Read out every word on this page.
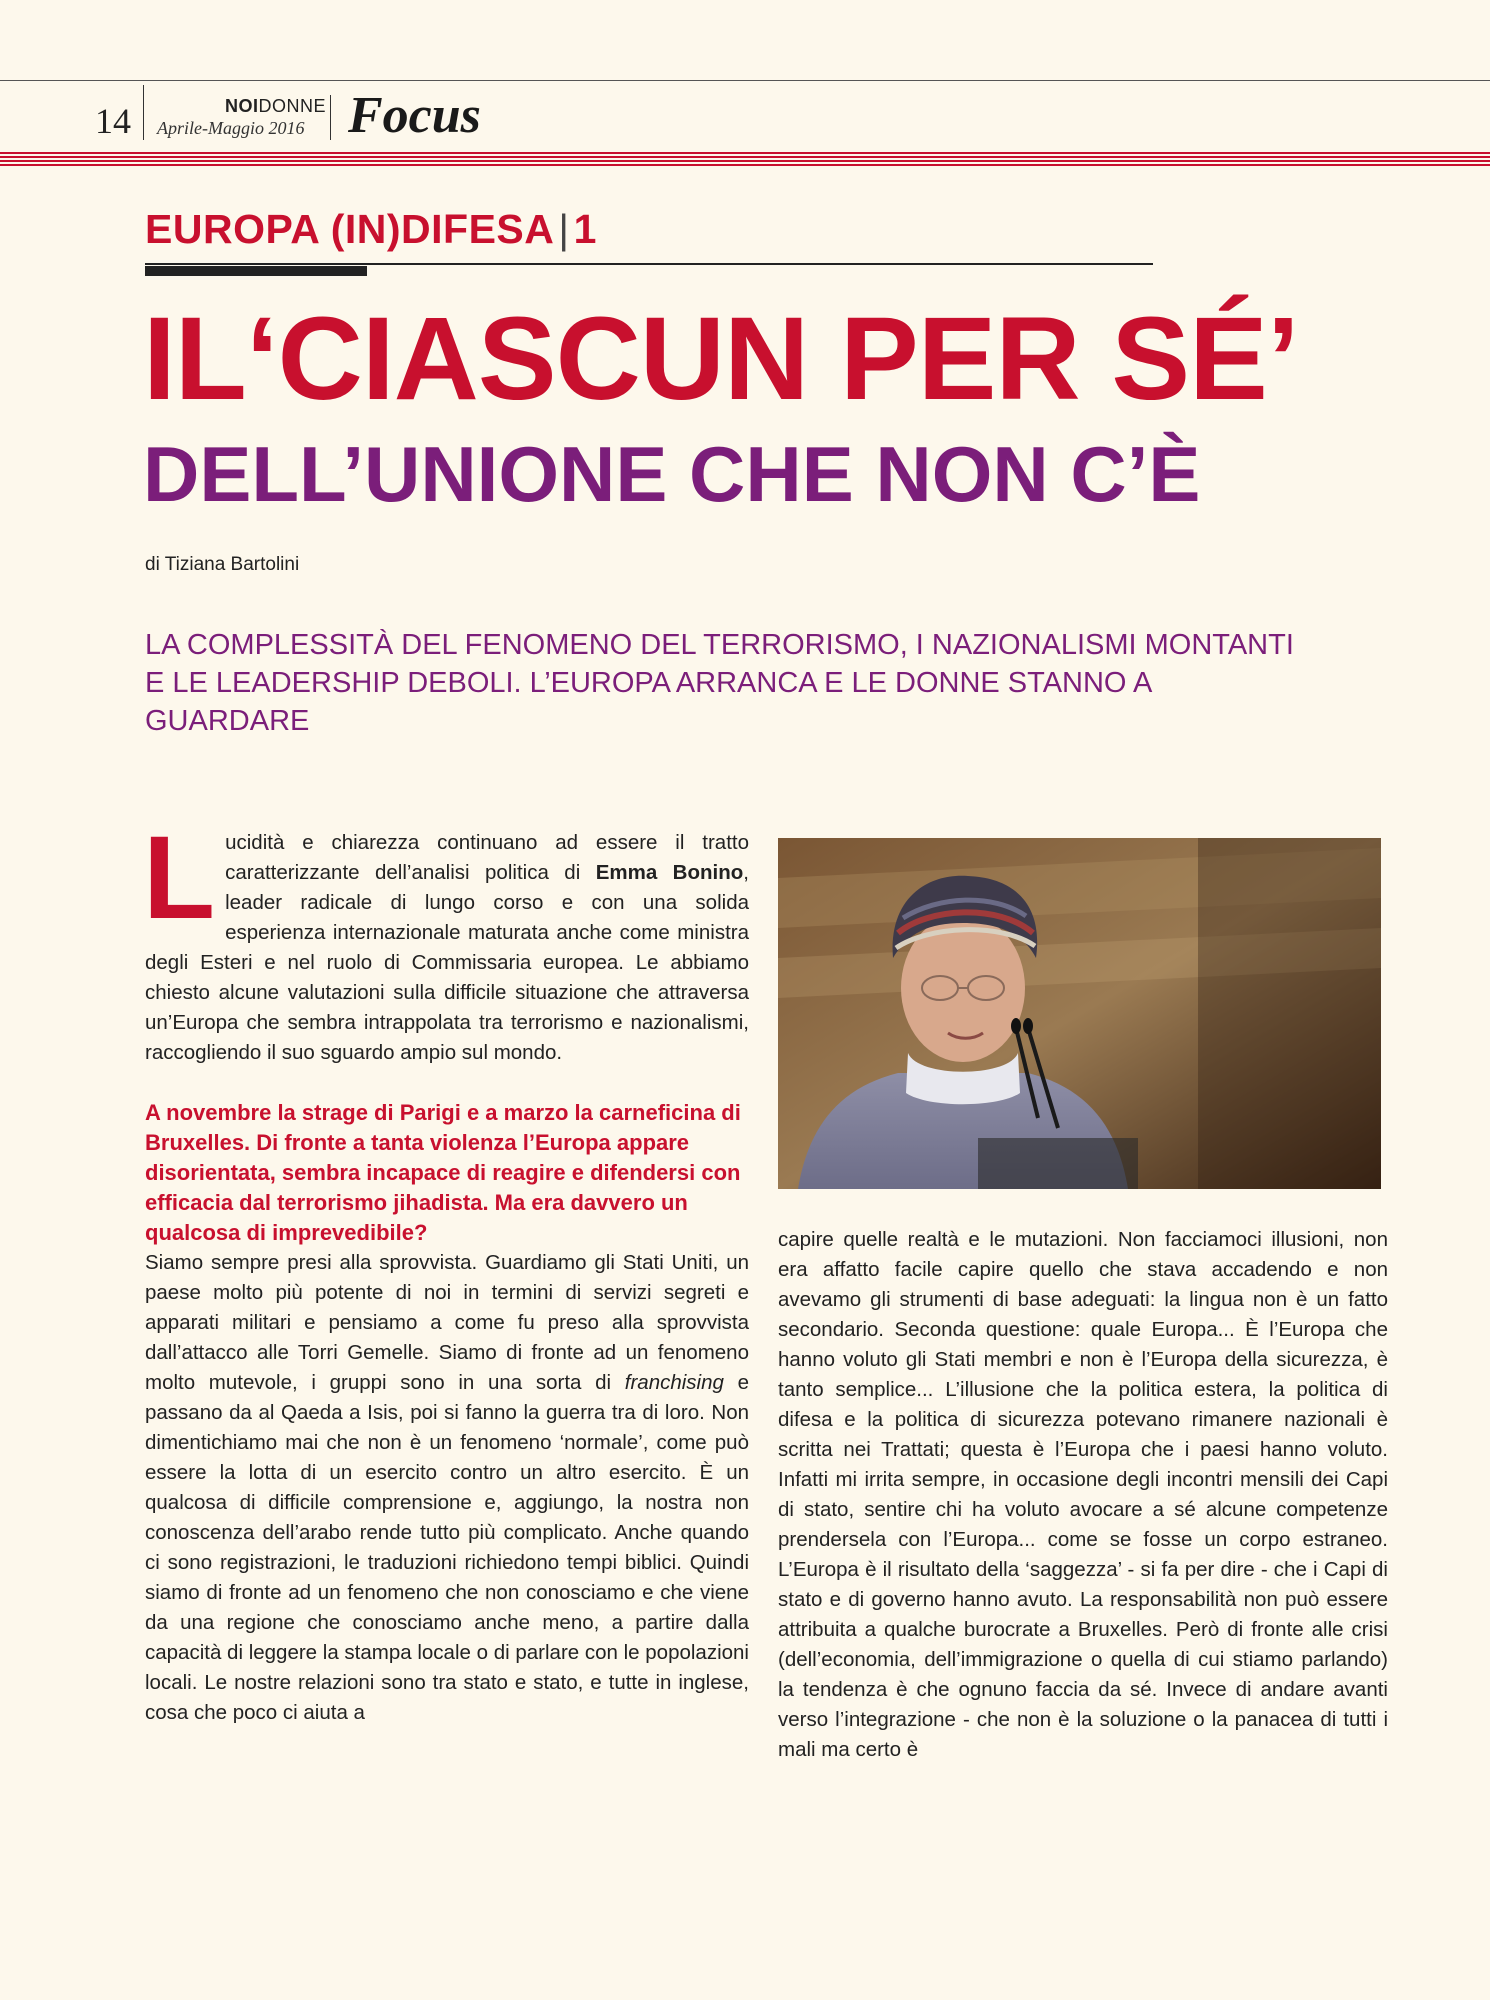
14	NOIDONNE
Aprile-Maggio 2016 Focus
EUROPA (IN)DIFESA|1
IL‘CIASCUN PER SÉ’
DELL’UNIONE CHE NON C’È
di Tiziana Bartolini
LA COMPLESSITÀ DEL FENOMENO DEL TERRORISMO, I NAZIONALISMI MONTANTI E LE LEADERSHIP DEBOLI. L’EUROPA ARRANCA E LE DONNE STANNO A GUARDARE

Lucidità e chiarezza continuano ad essere il tratto caratterizzante dell’analisi politica di Emma Bonino, leader radicale di lungo corso e con una solida esperienza internazionale maturata anche come ministra degli Esteri e nel ruolo di Commissaria europea. Le abbiamo chiesto alcune valutazioni sulla difficile situazione che attraversa un’Europa che sembra intrappolata tra terrorismo e nazionalismi, raccogliendo il suo sguardo ampio sul mondo.

A novembre la strage di Parigi e a marzo la carneficina di Bruxelles. Di fronte a tanta violenza l’Europa appare disorientata, sembra incapace di reagire e difendersi con efficacia dal terrorismo jihadista. Ma era davvero un qualcosa di imprevedibile?

Siamo sempre presi alla sprovvista. Guardiamo gli Stati Uniti, un paese molto più potente di noi in termini di servizi segreti e apparati militari e pensiamo a come fu preso alla sprovvista dall’attacco alle Torri Gemelle. Siamo di fronte ad un fenomeno molto mutevole, i gruppi sono in una sorta di franchising e passano da al Qaeda a Isis, poi si fanno la guerra tra di loro. Non dimentichiamo mai che non è un fenomeno ‘normale’, come può essere la lotta di un esercito contro un altro esercito. È un qualcosa di difficile comprensione e, aggiungo, la nostra non conoscenza dell’arabo rende tutto più complicato. Anche quando ci sono registrazioni, le traduzioni richiedono tempi biblici. Quindi siamo di fronte ad un fenomeno che non conosciamo e che viene da una regione che conosciamo anche meno, a partire dalla capacità di leggere la stampa locale o di parlare con le popolazioni locali. Le nostre relazioni sono tra stato e stato, e tutte in inglese, cosa che poco ci aiuta a

capire quelle realtà e le mutazioni. Non facciamoci illusioni, non era affatto facile capire quello che stava accadendo e non avevamo gli strumenti di base adeguati: la lingua non è un fatto secondario. Seconda questione: quale Europa... È l’Europa che hanno voluto gli Stati membri e non è l’Europa della sicurezza, è tanto semplice... L’illusione che la politica estera, la politica di difesa e la politica di sicurezza potevano rimanere nazionali è scritta nei Trattati; questa è l’Europa che i paesi hanno voluto. Infatti mi irrita sempre, in occasione degli incontri mensili dei Capi di stato, sentire chi ha voluto avocare a sé alcune competenze prendersela con l’Europa... come se fosse un corpo estraneo. L’Europa è il risultato della ‘saggezza’ - si fa per dire - che i Capi di stato e di governo hanno avuto. La responsabilità non può essere attribuita a qualche burocrate a Bruxelles. Però di fronte alle crisi (dell’economia, dell’immigrazione o quella di cui stiamo parlando) la tendenza è che ognuno faccia da sé. Invece di andare avanti verso l’integrazione - che non è la soluzione o la panacea di tutti i mali ma certo è
